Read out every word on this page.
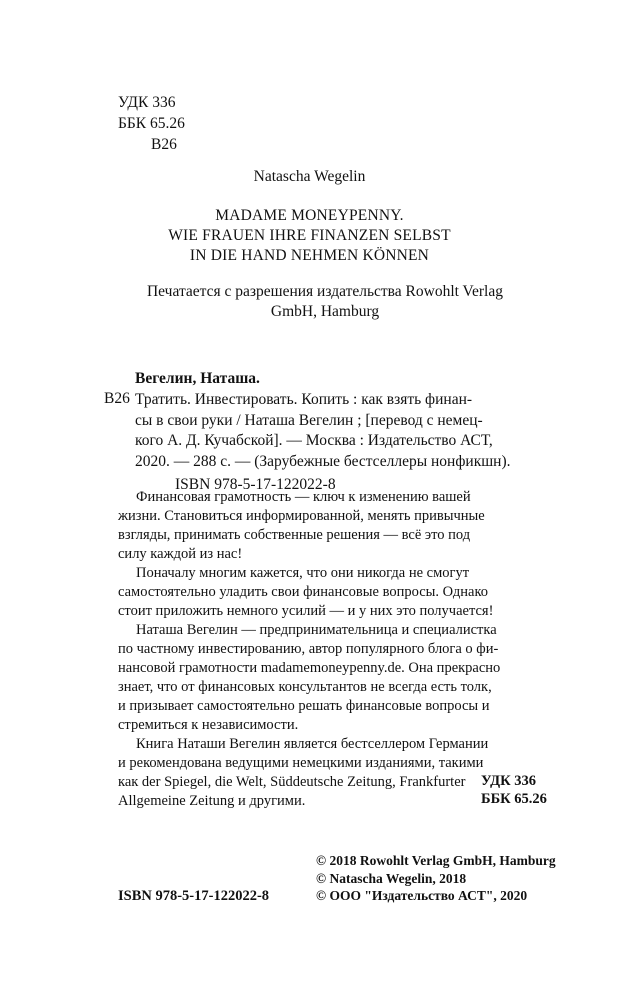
УДК 336
ББК 65.26
В26
Natascha Wegelin
MADAME MONEYPENNY.
WIE FRAUEN IHRE FINANZEN SELBST
IN DIE HAND NEHMEN KÖNNEN
Печатается с разрешения издательства Rowohlt Verlag
GmbH, Hamburg
Вегелин, Наташа.
В26 Тратить. Инвестировать. Копить : как взять финан-
сы в свои руки / Наташа Вегелин ; [перевод с немец-
кого А. Д. Кучабской]. — Москва : Издательство АСТ,
2020. — 288 с. — (Зарубежные бестселлеры нонфикшн).
ISBN 978-5-17-122022-8

Финансовая грамотность — ключ к изменению вашей
жизни. Становиться информированной, менять привычные
взгляды, принимать собственные решения — всё это под
силу каждой из нас!

Поначалу многим кажется, что они никогда не смогут
самостоятельно уладить свои финансовые вопросы. Однако
стоит приложить немного усилий — и у них это получается!

Наташа Вегелин — предпринимательница и специалистка
по частному инвестированию, автор популярного блога о фи-
нансовой грамотности madamemoneypenny.de. Она прекрасно
знает, что от финансовых консультантов не всегда есть толк,
и призывает самостоятельно решать финансовые вопросы и
стремиться к независимости.

Книга Наташи Вегелин является бестселлером Германии
и рекомендована ведущими немецкими изданиями, такими
как der Spiegel, die Welt, Süddeutsche Zeitung, Frankfurter
Allgemeine Zeitung и другими.

УДК 336
ББК 65.26
© 2018 Rowohlt Verlag GmbH, Hamburg
© Natascha Wegelin, 2018
© ООО "Издательство АСТ", 2020
ISBN 978-5-17-122022-8
